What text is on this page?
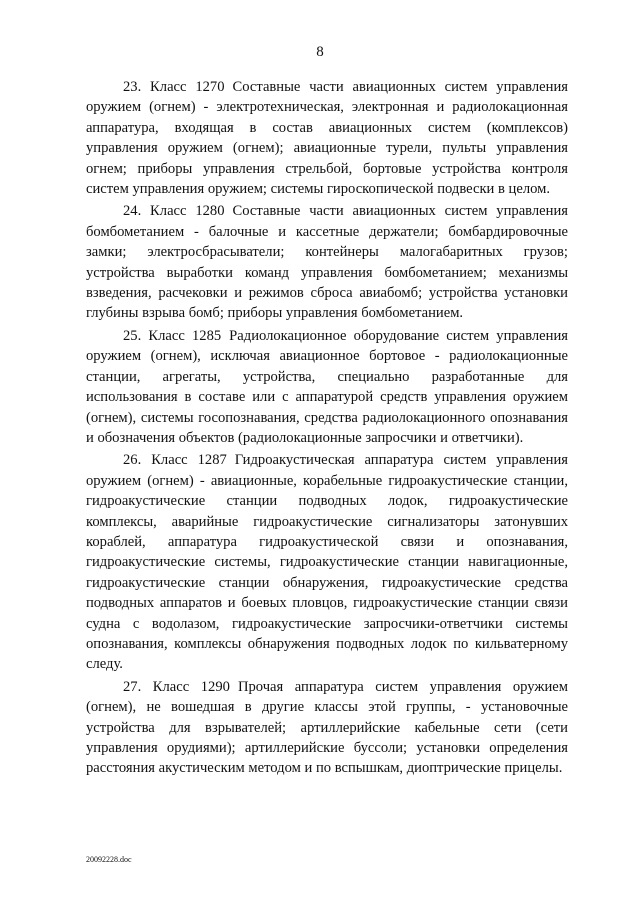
8

23. Класс 1270 Составные части авиационных систем управления оружием (огнем) - электротехническая, электронная и радиолокационная аппаратура, входящая в состав авиационных систем (комплексов) управления оружием (огнем); авиационные турели, пульты управления огнем; приборы управления стрельбой, бортовые устройства контроля систем управления оружием; системы гироскопической подвески в целом.

24. Класс 1280 Составные части авиационных систем управления бомбометанием - балочные и кассетные держатели; бомбардировочные замки; электросбрасыватели; контейнеры малогабаритных грузов; устройства выработки команд управления бомбометанием; механизмы взведения, расчековки и режимов сброса авиабомб; устройства установки глубины взрыва бомб; приборы управления бомбометанием.

25. Класс 1285 Радиолокационное оборудование систем управления оружием (огнем), исключая авиационное бортовое - радиолокационные станции, агрегаты, устройства, специально разработанные для использования в составе или с аппаратурой средств управления оружием (огнем), системы госопознавания, средства радиолокационного опознавания и обозначения объектов (радиолокационные запросчики и ответчики).

26. Класс 1287 Гидроакустическая аппаратура систем управления оружием (огнем) - авиационные, корабельные гидроакустические станции, гидроакустические станции подводных лодок, гидроакустические комплексы, аварийные гидроакустические сигнализаторы затонувших кораблей, аппаратура гидроакустической связи и опознавания, гидроакустические системы, гидроакустические станции навигационные, гидроакустические станции обнаружения, гидроакустические средства подводных аппаратов и боевых пловцов, гидроакустические станции связи судна с водолазом, гидроакустические запросчики-ответчики системы опознавания, комплексы обнаружения подводных лодок по кильватерному следу.

27. Класс 1290 Прочая аппаратура систем управления оружием (огнем), не вошедшая в другие классы этой группы, - установочные устройства для взрывателей; артиллерийские кабельные сети (сети управления орудиями); артиллерийские буссоли; установки определения расстояния акустическим методом и по вспышкам, диоптрические прицелы.

20092228.doc
